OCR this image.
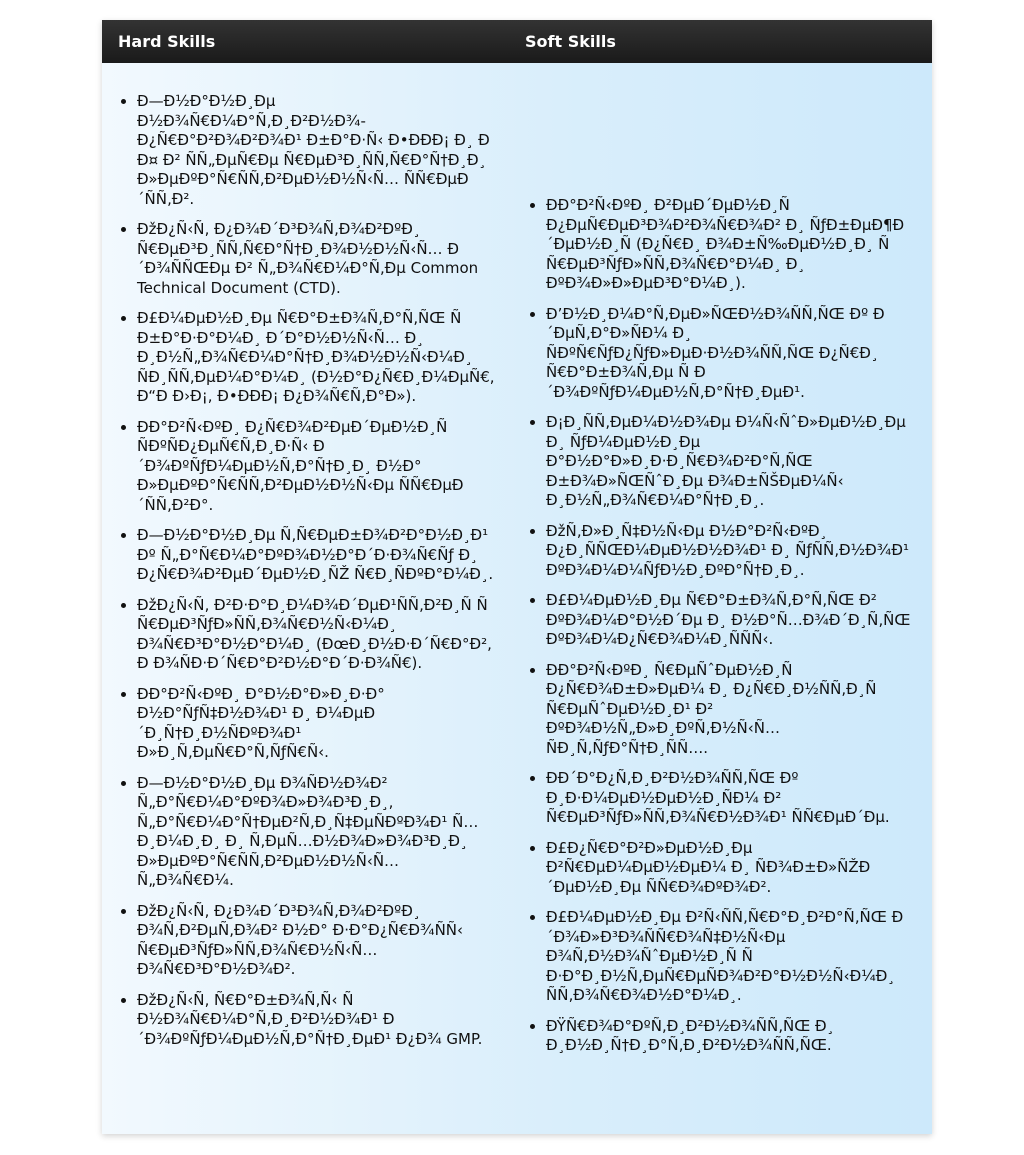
Hard Skills	Soft Skills
• Ð—Ð½Ð°Ð½Ð¸Ðµ Ð½Ð¾Ñ€Ð¼Ð°Ñ‚Ð¸Ð²Ð½Ð¾-Ð¿Ñ€Ð°Ð²Ð¾Ð²Ð¾Ð¹ Ð±Ð°Ð·Ñ‹ Ð•ÐÐÐ¡ Ð¸ Ð Ð¤ Ð² ÑÑ„ÐµÑ€Ðµ Ñ€ÐµÐ³Ð¸ÑÑ‚Ñ€Ð°Ñ†Ð¸Ð¸ Ð»ÐµÐºÐ°Ñ€ÑÑ‚Ð²ÐµÐ½Ð½Ñ‹Ñ… ÑÑ€ÐµÐ´ÑÑ‚Ð².
• ÐžÐ¿Ñ‹Ñ‚ Ð¿Ð¾Ð´Ð³Ð¾Ñ‚Ð¾Ð²ÐºÐ¸ Ñ€ÐµÐ³Ð¸ÑÑ‚Ñ€Ð°Ñ†Ð¸Ð¾Ð½Ð½Ñ‹Ñ… Ð´Ð¾ÑÑŒÐµ Ð² Ñ„Ð¾Ñ€Ð¼Ð°Ñ‚Ðµ Common Technical Document (CTD).
• Ð£Ð¼ÐµÐ½Ð¸Ðµ Ñ€Ð°Ð±Ð¾Ñ‚Ð°Ñ‚ÑŒ Ñ Ð±Ð°Ð·Ð°Ð¼Ð¸ Ð´Ð°Ð½Ð½Ñ‹Ñ… Ð¸ Ð¸Ð½Ñ„Ð¾Ñ€Ð¼Ð°Ñ†Ð¸Ð¾Ð½Ð½Ñ‹Ð¼Ð¸ ÑÐ¸ÑÑ‚ÐµÐ¼Ð°Ð¼Ð¸ (Ð½Ð°Ð¿Ñ€Ð¸Ð¼ÐµÑ€, Ð“Ð Ð›Ð¡, Ð•ÐÐÐ¡ Ð¿Ð¾Ñ€Ñ‚Ð°Ð»).
• ÐÐ°Ð²Ñ‹ÐºÐ¸ Ð¿Ñ€Ð¾Ð²ÐµÐ´ÐµÐ½Ð¸Ñ ÑÐºÑÐ¿ÐµÑ€Ñ‚Ð¸Ð·Ñ‹ Ð´Ð¾ÐºÑƒÐ¼ÐµÐ½Ñ‚Ð°Ñ†Ð¸Ð¸ Ð½Ð° Ð»ÐµÐºÐ°Ñ€ÑÑ‚Ð²ÐµÐ½Ð½Ñ‹Ðµ ÑÑ€ÐµÐ´ÑÑ‚Ð²Ð°.
• Ð—Ð½Ð°Ð½Ð¸Ðµ Ñ‚Ñ€ÐµÐ±Ð¾Ð²Ð°Ð½Ð¸Ð¹ Ðº Ñ„Ð°Ñ€Ð¼Ð°ÐºÐ¾Ð½Ð°Ð´Ð·Ð¾Ñ€Ñƒ Ð¸ Ð¿Ñ€Ð¾Ð²ÐµÐ´ÐµÐ½Ð¸ÑŽ Ñ€Ð¸ÑÐºÐ°Ð¼Ð¸.
• ÐžÐ¿Ñ‹Ñ‚ Ð²Ð·Ð°Ð¸Ð¼Ð¾Ð´ÐµÐ¹ÑÑ‚Ð²Ð¸Ñ Ñ Ñ€ÐµÐ³ÑƒÐ»ÑÑ‚Ð¾Ñ€Ð½Ñ‹Ð¼Ð¸ Ð¾Ñ€Ð³Ð°Ð½Ð°Ð¼Ð¸ (ÐœÐ¸Ð½Ð·Ð´Ñ€Ð°Ð², Ð Ð¾ÑÐ·Ð´Ñ€Ð°Ð²Ð½Ð°Ð´Ð·Ð¾Ñ€).
• ÐÐ°Ð²Ñ‹ÐºÐ¸ Ð°Ð½Ð°Ð»Ð¸Ð·Ð° Ð½Ð°ÑƒÑ‡Ð½Ð¾Ð¹ Ð¸ Ð¼ÐµÐ´Ð¸Ñ†Ð¸Ð½ÑÐºÐ¾Ð¹ Ð»Ð¸Ñ‚ÐµÑ€Ð°Ñ‚ÑƒÑ€Ñ‹.
• Ð—Ð½Ð°Ð½Ð¸Ðµ Ð¾ÑÐ½Ð¾Ð² Ñ„Ð°Ñ€Ð¼Ð°ÐºÐ¾Ð»Ð¾Ð³Ð¸Ð¸, Ñ„Ð°Ñ€Ð¼Ð°Ñ†ÐµÐ²Ñ‚Ð¸Ñ‡ÐµÑÐºÐ¾Ð¹ Ñ…Ð¸Ð¼Ð¸Ð¸ Ð¸ Ñ‚ÐµÑ…Ð½Ð¾Ð»Ð¾Ð³Ð¸Ð¸ Ð»ÐµÐºÐ°Ñ€ÑÑ‚Ð²ÐµÐ½Ð½Ñ‹Ñ… Ñ„Ð¾Ñ€Ð¼.
• ÐžÐ¿Ñ‹Ñ‚ Ð¿Ð¾Ð´Ð³Ð¾Ñ‚Ð¾Ð²ÐºÐ¸ Ð¾Ñ‚Ð²ÐµÑ‚Ð¾Ð² Ð½Ð° Ð·Ð°Ð¿Ñ€Ð¾ÑÑ‹ Ñ€ÐµÐ³ÑƒÐ»ÑÑ‚Ð¾Ñ€Ð½Ñ‹Ñ… Ð¾Ñ€Ð³Ð°Ð½Ð¾Ð².
• ÐžÐ¿Ñ‹Ñ‚ Ñ€Ð°Ð±Ð¾Ñ‚Ñ‹ Ñ Ð½Ð¾Ñ€Ð¼Ð°Ñ‚Ð¸Ð²Ð½Ð¾Ð¹ Ð´Ð¾ÐºÑƒÐ¼ÐµÐ½Ñ‚Ð°Ñ†Ð¸ÐµÐ¹ Ð¿Ð¾ GMP.
• ÐÐ°Ð²Ñ‹ÐºÐ¸ Ð²ÐµÐ´ÐµÐ½Ð¸Ñ Ð¿ÐµÑ€ÐµÐ³Ð¾Ð²Ð¾Ñ€Ð¾Ð² Ð¸ ÑƒÐ±ÐµÐ¶Ð´ÐµÐ½Ð¸Ñ (Ð¿Ñ€Ð¸ Ð¾Ð±Ñ‰ÐµÐ½Ð¸Ð¸ Ñ Ñ€ÐµÐ³ÑƒÐ»ÑÑ‚Ð¾Ñ€Ð°Ð¼Ð¸ Ð¸ ÐºÐ¾Ð»Ð»ÐµÐ³Ð°Ð¼Ð¸).
• Ð’Ð½Ð¸Ð¼Ð°Ñ‚ÐµÐ»ÑŒÐ½Ð¾ÑÑ‚ÑŒ Ðº Ð´ÐµÑ‚Ð°Ð»ÑÐ¼ Ð¸ ÑÐºÑ€ÑƒÐ¿ÑƒÐ»ÐµÐ·Ð½Ð¾ÑÑ‚ÑŒ Ð¿Ñ€Ð¸ Ñ€Ð°Ð±Ð¾Ñ‚Ðµ Ñ Ð´Ð¾ÐºÑƒÐ¼ÐµÐ½Ñ‚Ð°Ñ†Ð¸ÐµÐ¹.
• Ð¡Ð¸ÑÑ‚ÐµÐ¼Ð½Ð¾Ðµ Ð¼Ñ‹ÑˆÐ»ÐµÐ½Ð¸Ðµ Ð¸ ÑƒÐ¼ÐµÐ½Ð¸Ðµ Ð°Ð½Ð°Ð»Ð¸Ð·Ð¸Ñ€Ð¾Ð²Ð°Ñ‚ÑŒ Ð±Ð¾Ð»ÑŒÑˆÐ¸Ðµ Ð¾Ð±ÑŠÐµÐ¼Ñ‹ Ð¸Ð½Ñ„Ð¾Ñ€Ð¼Ð°Ñ†Ð¸Ð¸.
• ÐžÑ‚Ð»Ð¸Ñ‡Ð½Ñ‹Ðµ Ð½Ð°Ð²Ñ‹ÐºÐ¸ Ð¿Ð¸ÑÑŒÐ¼ÐµÐ½Ð½Ð¾Ð¹ Ð¸ ÑƒÑÑ‚Ð½Ð¾Ð¹ ÐºÐ¾Ð¼Ð¼ÑƒÐ½Ð¸ÐºÐ°Ñ†Ð¸Ð¸.
• Ð£Ð¼ÐµÐ½Ð¸Ðµ Ñ€Ð°Ð±Ð¾Ñ‚Ð°Ñ‚ÑŒ Ð² ÐºÐ¾Ð¼Ð°Ð½Ð´Ðµ Ð¸ Ð½Ð°Ñ…Ð¾Ð´Ð¸Ñ‚ÑŒ ÐºÐ¾Ð¼Ð¿Ñ€Ð¾Ð¼Ð¸ÑÑÑ‹.
• ÐÐ°Ð²Ñ‹ÐºÐ¸ Ñ€ÐµÑˆÐµÐ½Ð¸Ñ Ð¿Ñ€Ð¾Ð±Ð»ÐµÐ¼ Ð¸ Ð¿Ñ€Ð¸Ð½ÑÑ‚Ð¸Ñ Ñ€ÐµÑˆÐµÐ½Ð¸Ð¹ Ð² ÐºÐ¾Ð½Ñ„Ð»Ð¸ÐºÑ‚Ð½Ñ‹Ñ… ÑÐ¸Ñ‚ÑƒÐ°Ñ†Ð¸ÑÑ….
• ÐÐ´Ð°Ð¿Ñ‚Ð¸Ð²Ð½Ð¾ÑÑ‚ÑŒ Ðº Ð¸Ð·Ð¼ÐµÐ½ÐµÐ½Ð¸ÑÐ¼ Ð² Ñ€ÐµÐ³ÑƒÐ»ÑÑ‚Ð¾Ñ€Ð½Ð¾Ð¹ ÑÑ€ÐµÐ´Ðµ.
• Ð£Ð¿Ñ€Ð°Ð²Ð»ÐµÐ½Ð¸Ðµ Ð²Ñ€ÐµÐ¼ÐµÐ½ÐµÐ¼ Ð¸ ÑÐ¾Ð±Ð»ÑŽÐ´ÐµÐ½Ð¸Ðµ ÑÑ€Ð¾ÐºÐ¾Ð².
• Ð£Ð¼ÐµÐ½Ð¸Ðµ Ð²Ñ‹ÑÑ‚Ñ€Ð°Ð¸Ð²Ð°Ñ‚ÑŒ Ð´Ð¾Ð»Ð³Ð¾ÑÑ€Ð¾Ñ‡Ð½Ñ‹Ðµ Ð¾Ñ‚Ð½Ð¾ÑˆÐµÐ½Ð¸Ñ Ñ Ð·Ð°Ð¸Ð½Ñ‚ÐµÑ€ÐµÑÐ¾Ð²Ð°Ð½Ð½Ñ‹Ð¼Ð¸ ÑÑ‚Ð¾Ñ€Ð¾Ð½Ð°Ð¼Ð¸.
• ÐŸÑ€Ð¾Ð°ÐºÑ‚Ð¸Ð²Ð½Ð¾ÑÑ‚ÑŒ Ð¸ Ð¸Ð½Ð¸Ñ†Ð¸Ð°Ñ‚Ð¸Ð²Ð½Ð¾ÑÑ‚ÑŒ.
